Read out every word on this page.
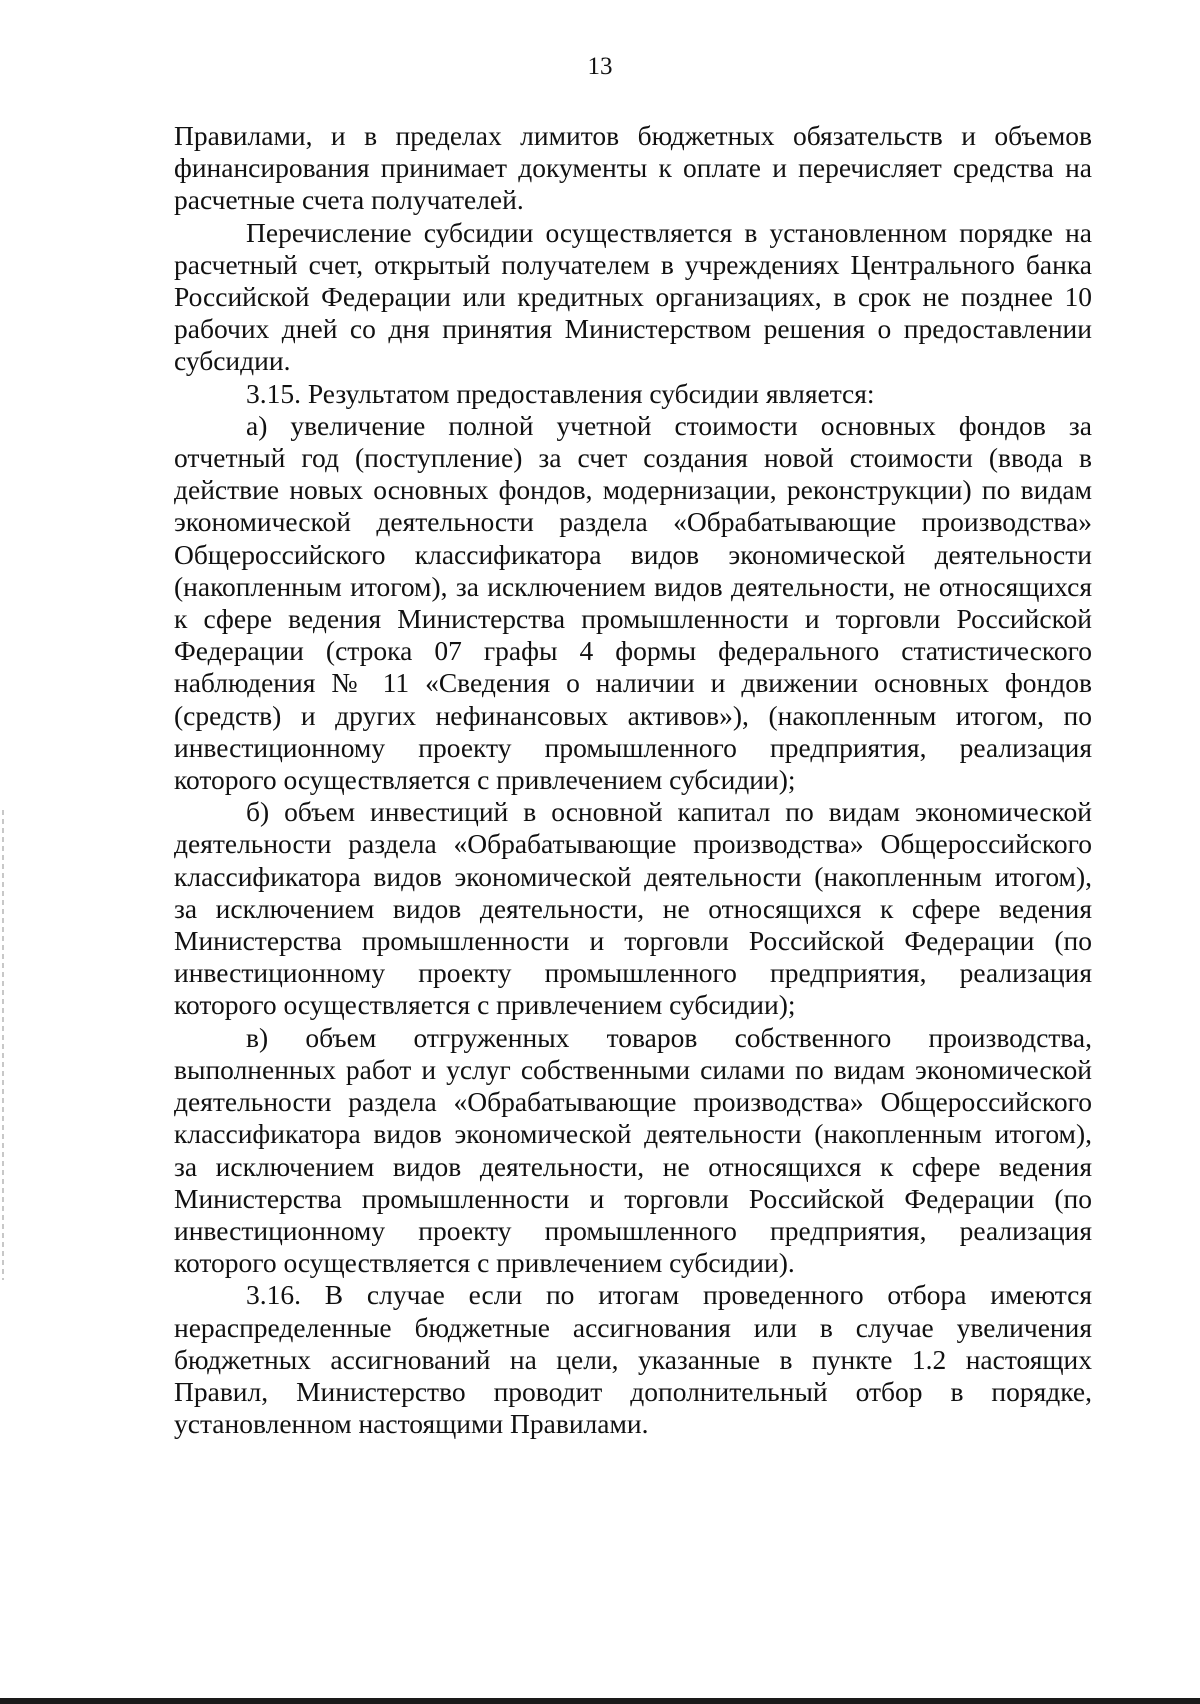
13

Правилами, и в пределах лимитов бюджетных обязательств и объемов финансирования принимает документы к оплате и перечисляет средства на расчетные счета получателей.

Перечисление субсидии осуществляется в установленном порядке на расчетный счет, открытый получателем в учреждениях Центрального банка Российской Федерации или кредитных организациях, в срок не позднее 10 рабочих дней со дня принятия Министерством решения о предоставлении субсидии.

3.15. Результатом предоставления субсидии является:

а) увеличение полной учетной стоимости основных фондов за отчетный год (поступление) за счет создания новой стоимости (ввода в действие новых основных фондов, модернизации, реконструкции) по видам экономической деятельности раздела «Обрабатывающие производства» Общероссийского классификатора видов экономической деятельности (накопленным итогом), за исключением видов деятельности, не относящихся к сфере ведения Министерства промышленности и торговли Российской Федерации (строка 07 графы 4 формы федерального статистического наблюдения № 11 «Сведения о наличии и движении основных фондов (средств) и других нефинансовых активов»), (накопленным итогом, по инвестиционному проекту промышленного предприятия, реализация которого осуществляется с привлечением субсидии);

б) объем инвестиций в основной капитал по видам экономической деятельности раздела «Обрабатывающие производства» Общероссийского классификатора видов экономической деятельности (накопленным итогом), за исключением видов деятельности, не относящихся к сфере ведения Министерства промышленности и торговли Российской Федерации (по инвестиционному проекту промышленного предприятия, реализация которого осуществляется с привлечением субсидии);

в) объем отгруженных товаров собственного производства, выполненных работ и услуг собственными силами по видам экономической деятельности раздела «Обрабатывающие производства» Общероссийского классификатора видов экономической деятельности (накопленным итогом), за исключением видов деятельности, не относящихся к сфере ведения Министерства промышленности и торговли Российской Федерации (по инвестиционному проекту промышленного предприятия, реализация которого осуществляется с привлечением субсидии).

3.16. В случае если по итогам проведенного отбора имеются нераспределенные бюджетные ассигнования или в случае увеличения бюджетных ассигнований на цели, указанные в пункте 1.2 настоящих Правил, Министерство проводит дополнительный отбор в порядке, установленном настоящими Правилами.
